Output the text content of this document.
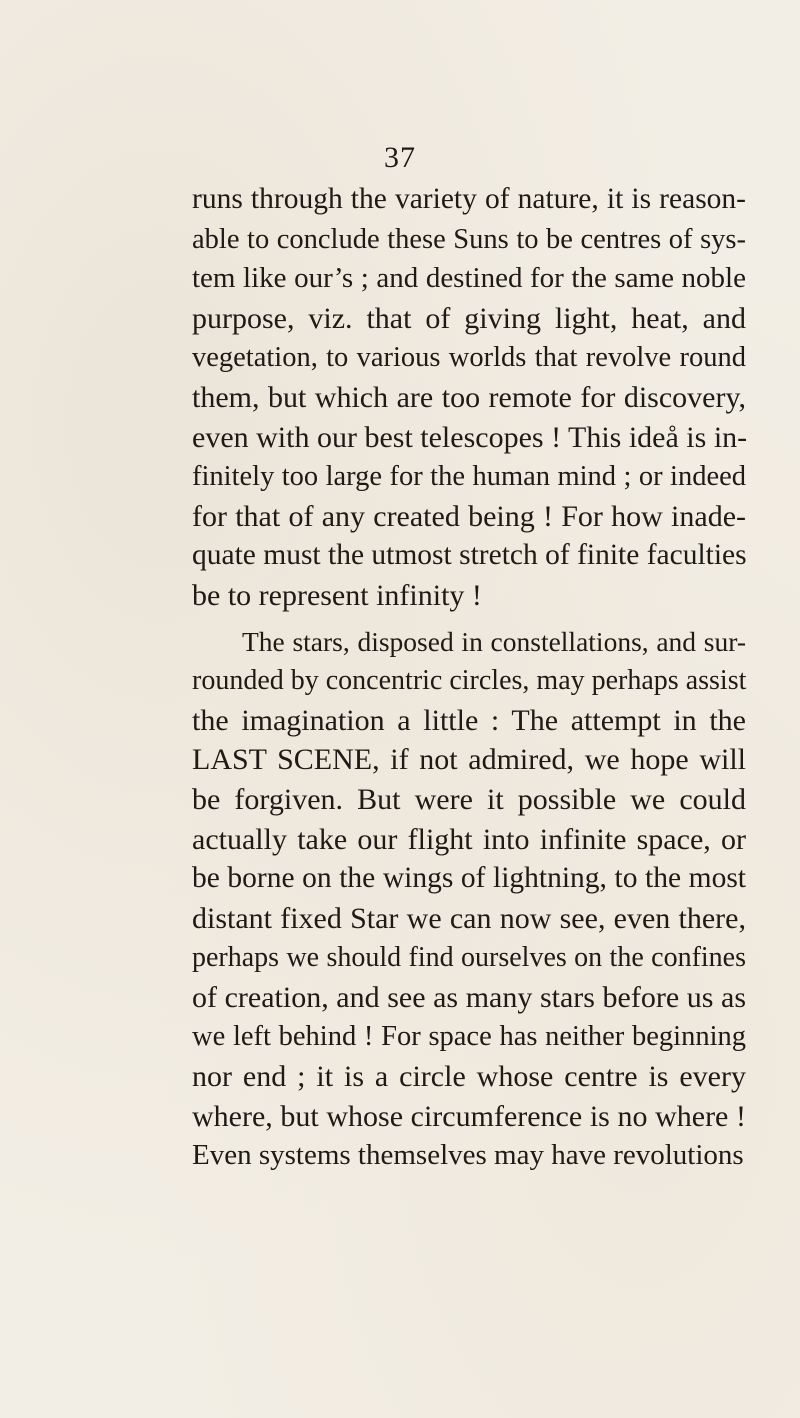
37
runs through the variety of nature, it is reason-
able to conclude these Suns to be centres of sys-
tem like our’s ; and destined for the same noble
purpose, viz. that of giving light, heat, and
vegetation, to various worlds that revolve round
them, but which are too remote for discovery,
even with our best telescopes ! This ideå is in-
finitely too large for the human mind ; or indeed
for that of any created being ! For how inade-
quate must the utmost stretch of finite faculties
be to represent infinity !
The stars, disposed in constellations, and sur-
rounded by concentric circles, may perhaps assist
the imagination a little : The attempt in the
LAST SCENE, if not admired, we hope will
be forgiven. But were it possible we could
actually take our flight into infinite space, or
be borne on the wings of lightning, to the most
distant fixed Star we can now see, even there,
perhaps we should find ourselves on the confines
of creation, and see as many stars before us as
we left behind ! For space has neither beginning
nor end ; it is a circle whose centre is every
where, but whose circumference is no where !
Even systems themselves may have revolutions
